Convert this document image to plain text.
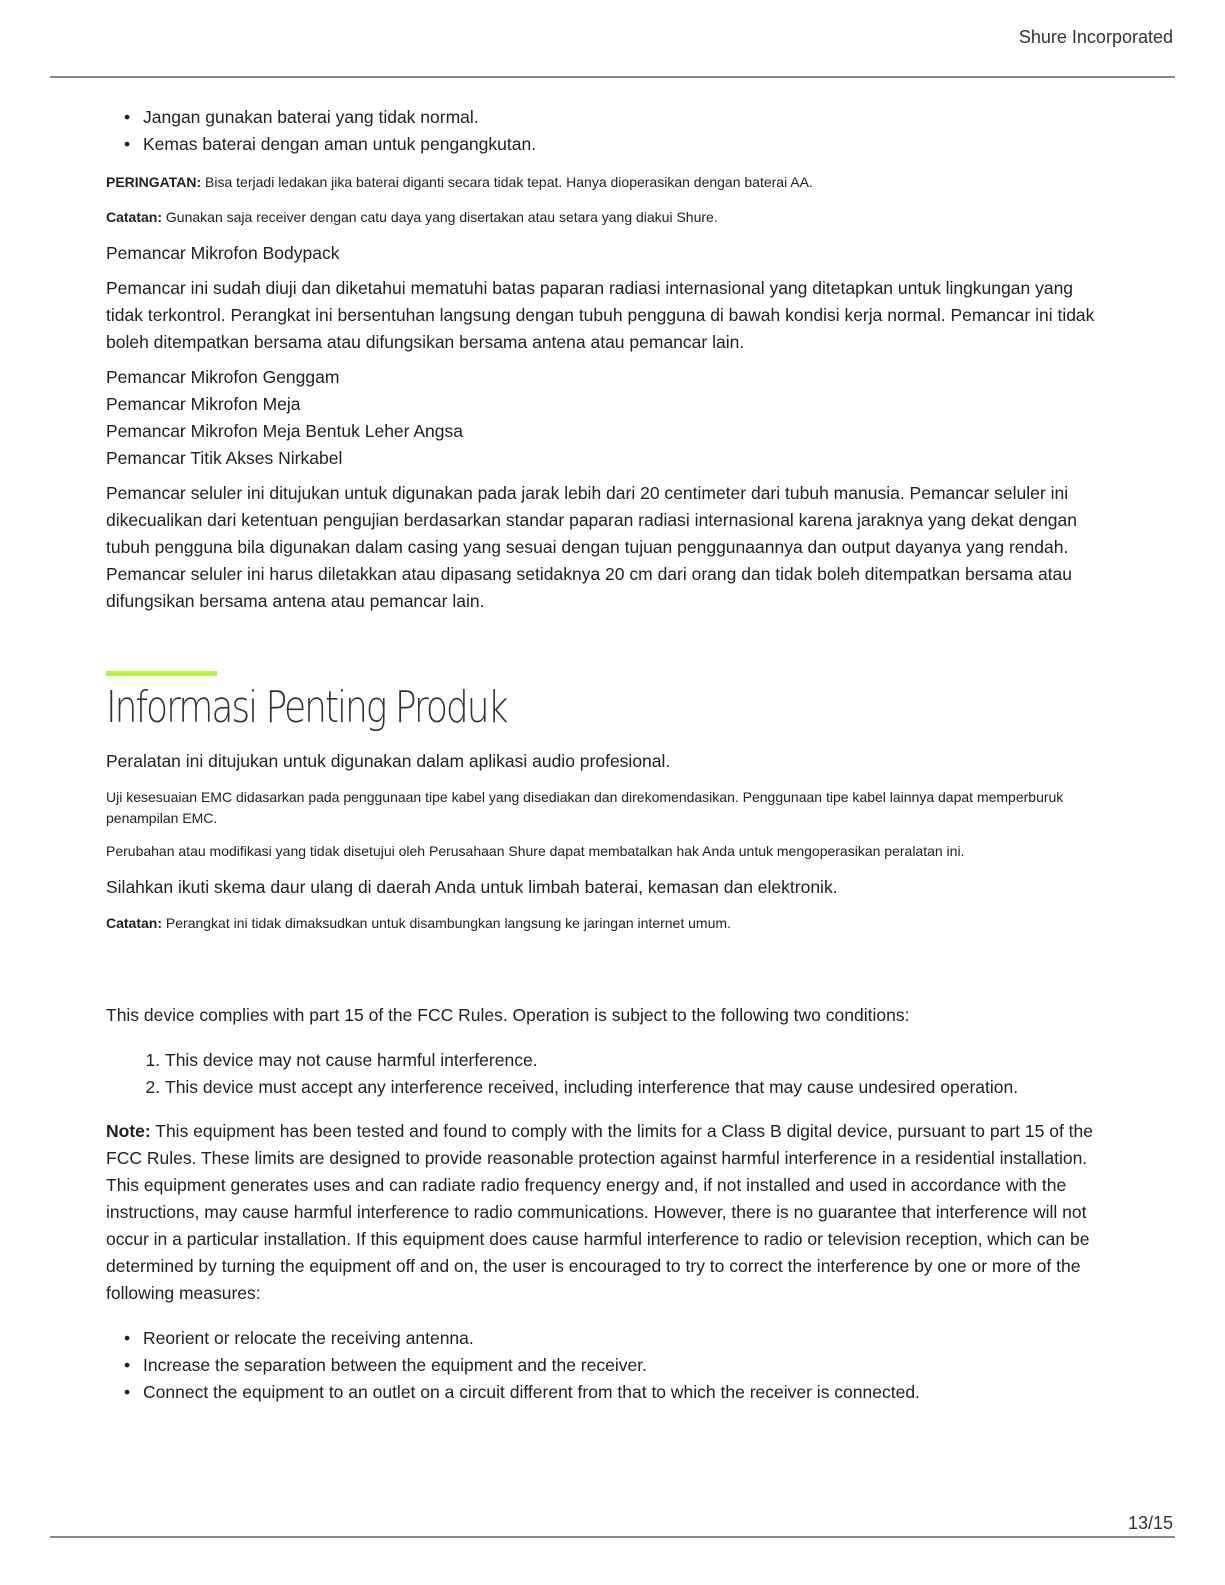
Shure Incorporated
• Jangan gunakan baterai yang tidak normal.
• Kemas baterai dengan aman untuk pengangkutan.

PERINGATAN: Bisa terjadi ledakan jika baterai diganti secara tidak tepat. Hanya dioperasikan dengan baterai AA.

Catatan: Gunakan saja receiver dengan catu daya yang disertakan atau setara yang diakui Shure.

Pemancar Mikrofon Bodypack

Pemancar ini sudah diuji dan diketahui mematuhi batas paparan radiasi internasional yang ditetapkan untuk lingkungan yang tidak terkontrol. Perangkat ini bersentuhan langsung dengan tubuh pengguna di bawah kondisi kerja normal. Pemancar ini tidak boleh ditempatkan bersama atau difungsikan bersama antena atau pemancar lain.

Pemancar Mikrofon Genggam

Pemancar Mikrofon Meja

Pemancar Mikrofon Meja Bentuk Leher Angsa

Pemancar Titik Akses Nirkabel

Pemancar seluler ini ditujukan untuk digunakan pada jarak lebih dari 20 centimeter dari tubuh manusia. Pemancar seluler ini dikecualikan dari ketentuan pengujian berdasarkan standar paparan radiasi internasional karena jaraknya yang dekat dengan tubuh pengguna bila digunakan dalam casing yang sesuai dengan tujuan penggunaannya dan output dayanya yang rendah. Pemancar seluler ini harus diletakkan atau dipasang setidaknya 20 cm dari orang dan tidak boleh ditempatkan bersama atau difungsikan bersama antena atau pemancar lain.

Informasi Penting Produk

Peralatan ini ditujukan untuk digunakan dalam aplikasi audio profesional.

Uji kesesuaian EMC didasarkan pada penggunaan tipe kabel yang disediakan dan direkomendasikan. Penggunaan tipe kabel lainnya dapat memperburuk penampilan EMC.

Perubahan atau modifikasi yang tidak disetujui oleh Perusahaan Shure dapat membatalkan hak Anda untuk mengoperasikan peralatan ini.

Silahkan ikuti skema daur ulang di daerah Anda untuk limbah baterai, kemasan dan elektronik.

Catatan: Perangkat ini tidak dimaksudkan untuk disambungkan langsung ke jaringan internet umum.

This device complies with part 15 of the FCC Rules. Operation is subject to the following two conditions:

1. This device may not cause harmful interference.
2. This device must accept any interference received, including interference that may cause undesired operation.

Note: This equipment has been tested and found to comply with the limits for a Class B digital device, pursuant to part 15 of the FCC Rules. These limits are designed to provide reasonable protection against harmful interference in a residential installation. This equipment generates uses and can radiate radio frequency energy and, if not installed and used in accordance with the instructions, may cause harmful interference to radio communications. However, there is no guarantee that interference will not occur in a particular installation. If this equipment does cause harmful interference to radio or television reception, which can be determined by turning the equipment off and on, the user is encouraged to try to correct the interference by one or more of the following measures:

• Reorient or relocate the receiving antenna.
• Increase the separation between the equipment and the receiver.
• Connect the equipment to an outlet on a circuit different from that to which the receiver is connected.
13/15
